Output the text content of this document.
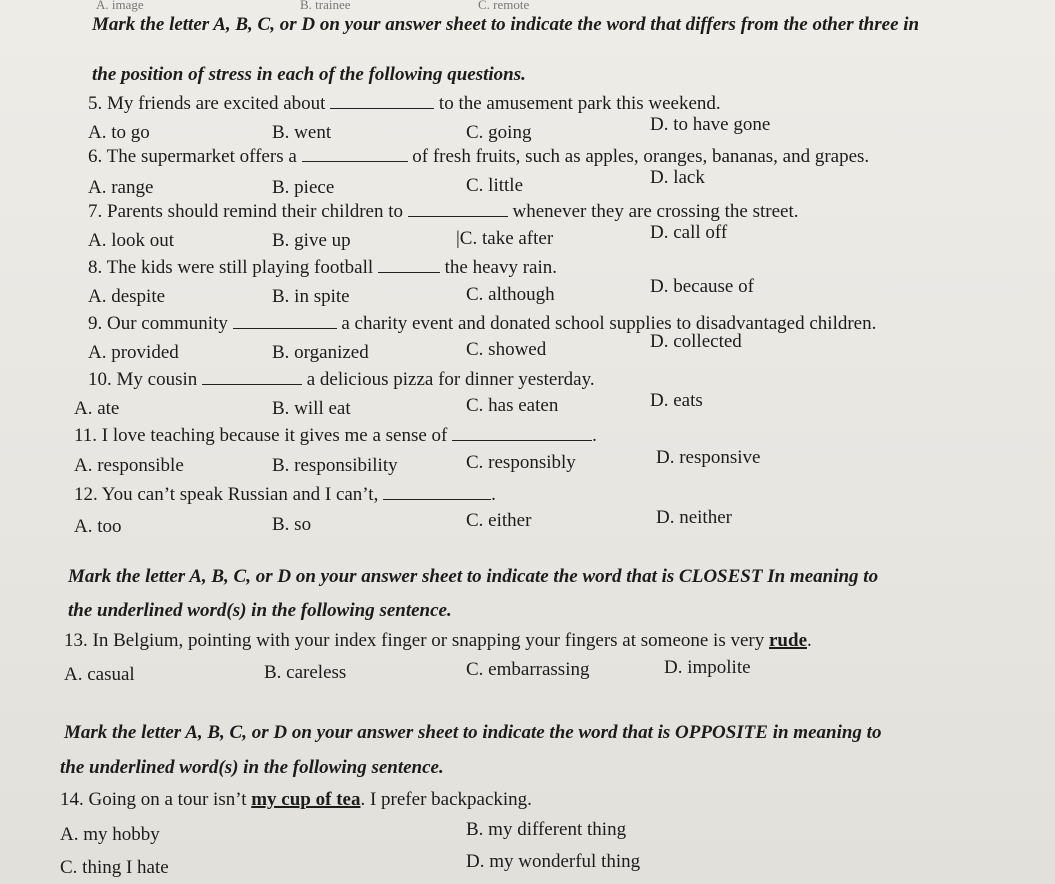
A. image	B. trainee	C. remote
Mark the letter A, B, C, or D on your answer sheet to indicate the word that differs from the other three in
the position of stress in each of the following questions.
5. My friends are excited about	to the amusement park this weekend.
A. to go	B. went	C. going	D. to have gone
6. The supermarket offers a	of fresh fruits, such as apples, oranges, bananas, and grapes.
A. range	B. piece	C. little	D. lack
7. Parents should remind their children to	whenever they are crossing the street.
A. look out	B. give up	|C. take after	D. call off
8. The kids were still playing football	the heavy rain.
A. despite	B. in spite	C. although	D. because of
9. Our community	a charity event and donated school supplies to disadvantaged children.
A. provided	B. organized	C. showed	D. collected
10. My cousin	a delicious pizza for dinner yesterday.
A. ate	B. will eat	C. has eaten	D. eats
11. I love teaching because it gives me a sense of	.
A. responsible	B. responsibility	C. responsibly	D. responsive
12. You can’t speak Russian and I can’t,	.
A. too	B. so	C. either	D. neither
Mark the letter A, B, C, or D on your answer sheet to indicate the word that is CLOSEST In meaning to
the underlined word(s) in the following sentence.
13. In Belgium, pointing with your index finger or snapping your fingers at someone is very rude.
A. casual	B. careless	C. embarrassing	D. impolite
Mark the letter A, B, C, or D on your answer sheet to indicate the word that is OPPOSITE in meaning to
the underlined word(s) in the following sentence.
14. Going on a tour isn’t my cup of tea. I prefer backpacking.
A. my hobby	B. my different thing
C. thing I hate	D. my wonderful thing
